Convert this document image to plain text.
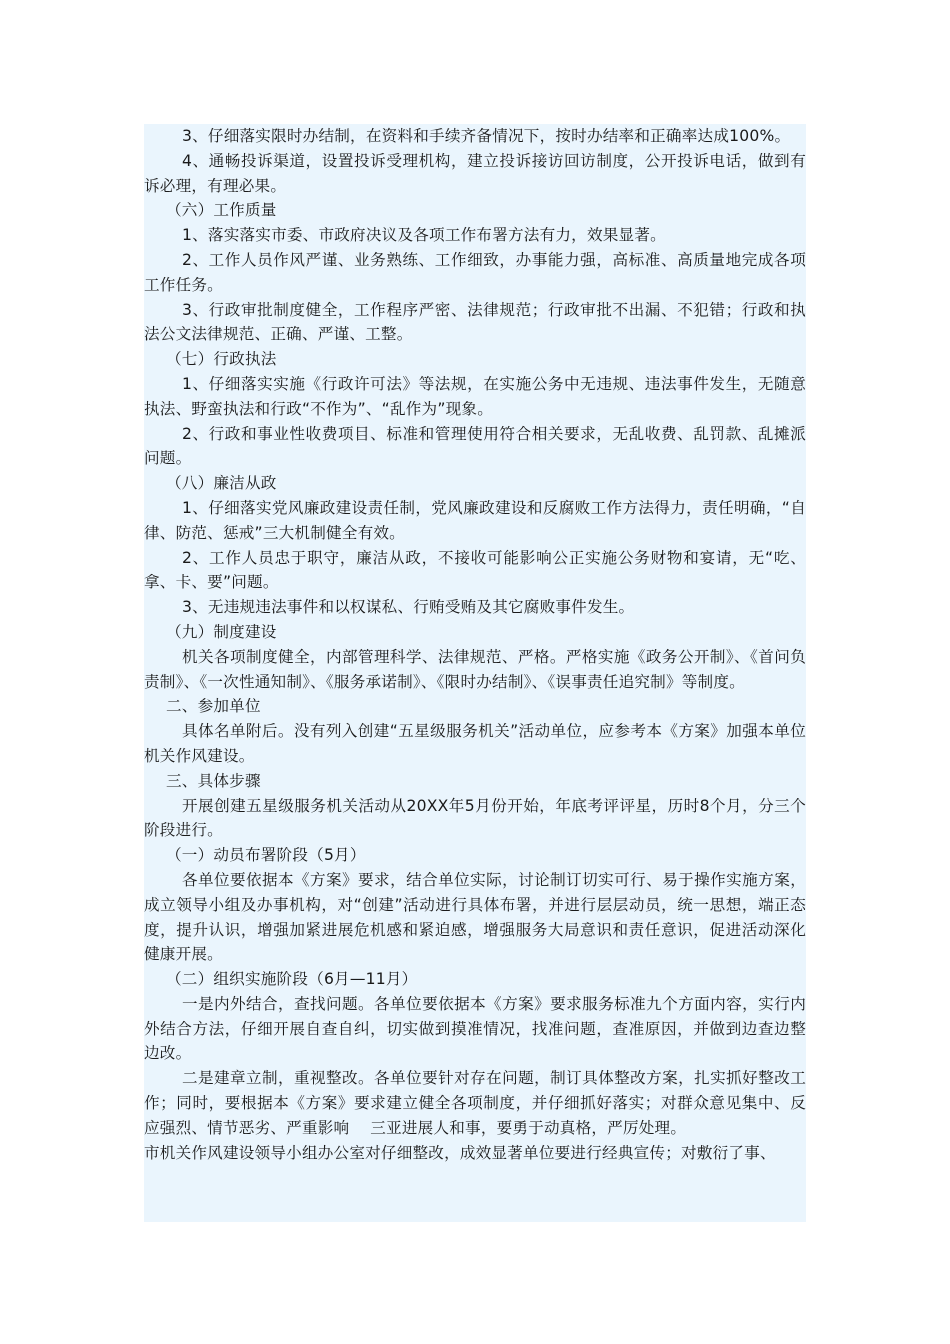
3、仔细落实限时办结制，在资料和手续齐备情况下，按时办结率和正确率达成100%。

4、通畅投诉渠道，设置投诉受理机构，建立投诉接访回访制度，公开投诉电话，做到有诉必理，有理必果。

（六）工作质量

1、落实落实市委、市政府决议及各项工作布署方法有力，效果显著。

2、工作人员作风严谨、业务熟练、工作细致，办事能力强，高标准、高质量地完成各项工作任务。

3、行政审批制度健全，工作程序严密、法律规范；行政审批不出漏、不犯错；行政和执法公文法律规范、正确、严谨、工整。

（七）行政执法

1、仔细落实实施《行政许可法》等法规，在实施公务中无违规、违法事件发生，无随意执法、野蛮执法和行政“不作为”、“乱作为”现象。

2、行政和事业性收费项目、标准和管理使用符合相关要求，无乱收费、乱罚款、乱摊派问题。

（八）廉洁从政

1、仔细落实党风廉政建设责任制，党风廉政建设和反腐败工作方法得力，责任明确，“自律、防范、惩戒”三大机制健全有效。

2、工作人员忠于职守，廉洁从政，不接收可能影响公正实施公务财物和宴请，无“吃、拿、卡、要”问题。

3、无违规违法事件和以权谋私、行贿受贿及其它腐败事件发生。

（九）制度建设

机关各项制度健全，内部管理科学、法律规范、严格。严格实施《政务公开制》、《首问负责制》、《一次性通知制》、《服务承诺制》、《限时办结制》、《误事责任追究制》等制度。

二、参加单位

具体名单附后。没有列入创建“五星级服务机关”活动单位，应参考本《方案》加强本单位机关作风建设。

三、具体步骤

开展创建五星级服务机关活动从20XX年5月份开始，年底考评评星，历时8个月，分三个阶段进行。

（一）动员布署阶段（5月）

各单位要依据本《方案》要求，结合单位实际，讨论制订切实可行、易于操作实施方案，成立领导小组及办事机构，对“创建”活动进行具体布署，并进行层层动员，统一思想，端正态度，提升认识，增强加紧进展危机感和紧迫感，增强服务大局意识和责任意识，促进活动深化健康开展。

（二）组织实施阶段（6月—11月）

一是内外结合，查找问题。各单位要依据本《方案》要求服务标准九个方面内容，实行内外结合方法，仔细开展自查自纠，切实做到摸准情况，找准问题，查准原因，并做到边查边整边改。

二是建章立制，重视整改。各单位要针对存在问题，制订具体整改方案，扎实抓好整改工作；同时，要根据本《方案》要求建立健全各项制度，并仔细抓好落实；对群众意见集中、反应强烈、情节恶劣、严重影响　 三亚进展人和事，要勇于动真格，严厉处理。

市机关作风建设领导小组办公室对仔细整改，成效显著单位要进行经典宣传；对敷衍了事、
